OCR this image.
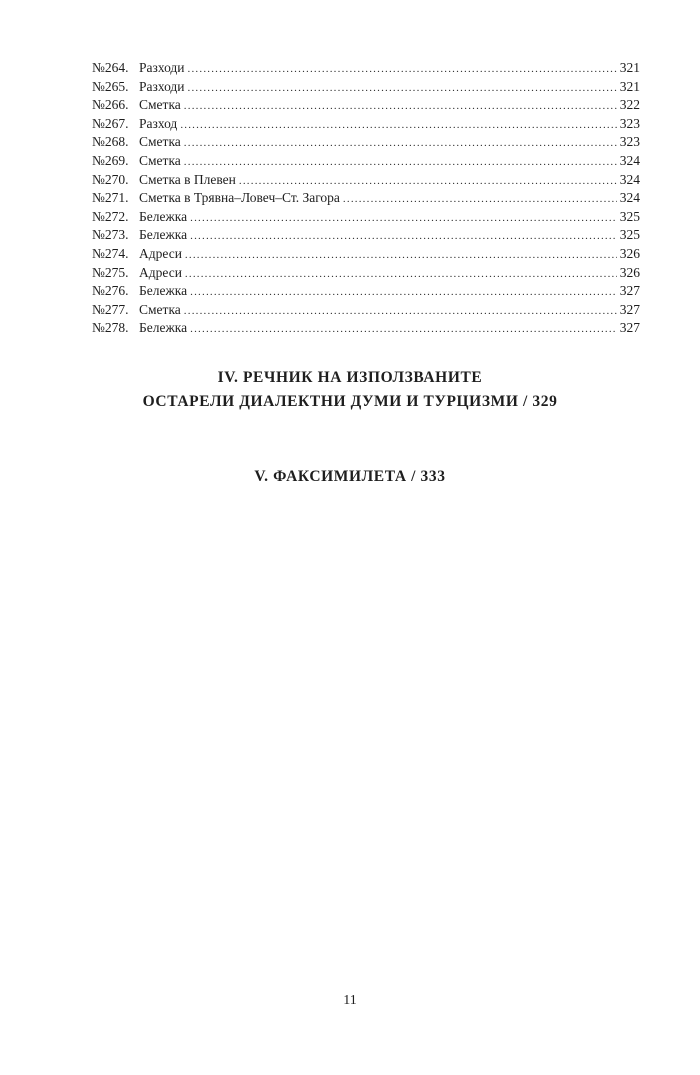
№264. Разходи .....	321
№265. Разходи .....	321
№266. Сметка .....	322
№267. Разход .....	323
№268. Сметка .....	323
№269. Сметка .....	324
№270. Сметка в Плевен .....	324
№271. Сметка в Трявна–Ловеч–Ст. Загора .....	324
№272. Бележка .....	325
№273. Бележка .....	325
№274. Адреси .....	326
№275. Адреси .....	326
№276. Бележка .....	327
№277. Сметка .....	327
№278. Бележка .....	327
IV. РЕЧНИК НА ИЗПОЛЗВАНИТЕ
ОСТАРЕЛИ ДИАЛЕКТНИ ДУМИ И ТУРЦИЗМИ / 329
V. ФАКСИМИЛЕТА / 333
11
